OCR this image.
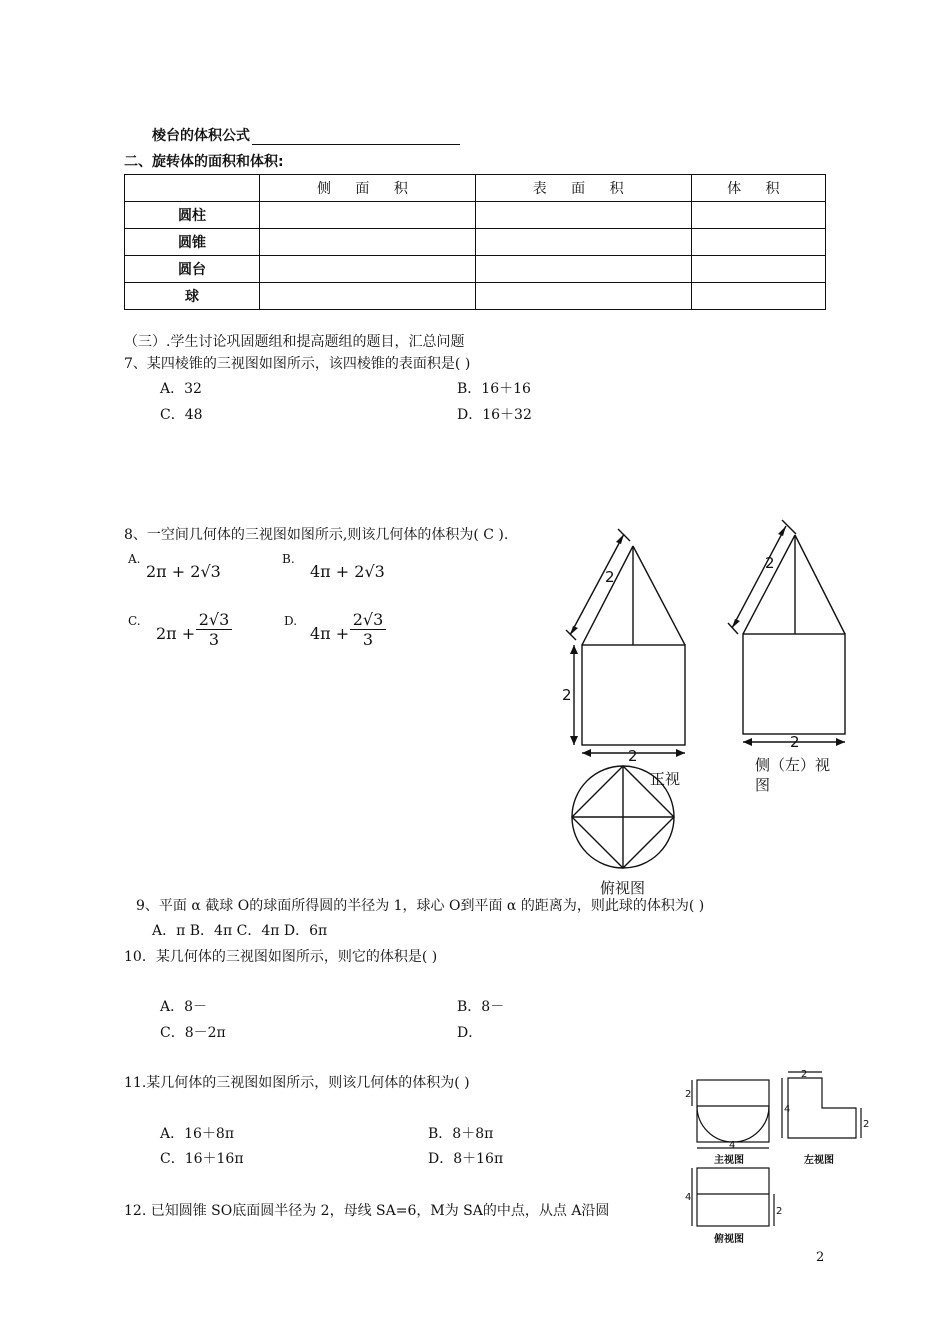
棱台的体积公式
二、旋转体的面积和体积:
	侧 面 积	表 面 积	体 积
圆柱			
圆锥			
圆台			
球			
（三）.学生讨论巩固题组和提高题组的题目，汇总问题
7、某四棱锥的三视图如图所示，该四棱锥的表面积是( )
A．32	B．16＋16
C．48	D．16＋32
8、一空间几何体的三视图如图所示,则该几何体的体积为( C ).
A.
2π + 2√3
B.
4π + 2√3
C.
$2\pi + \frac{2√3}{3}$	D.
$4\pi + \frac{2√3}{3}$
2
2
2
正视
2
2
侧（左）视
图
俯视图
9、平面 α 截球 O的球面所得圆的半径为 1，球心 O到平面 α 的距离为，则此球的体积为( )
A．π B．4π C．4π D．6π
10．某几何体的三视图如图所示，则它的体积是( )
A．8－	B．8－
C．8－2π	D．
11.某几何体的三视图如图所示，则该几何体的体积为( )
A．16＋8π	B．8＋8π
C．16＋16π	D．8＋16π
2
4
主视图
2
4
2
左视图
4
2
俯视图
12. 已知圆锥 SO底面圆半径为 2，母线 SA=6，M为 SA的中点，从点 A沿圆
2
